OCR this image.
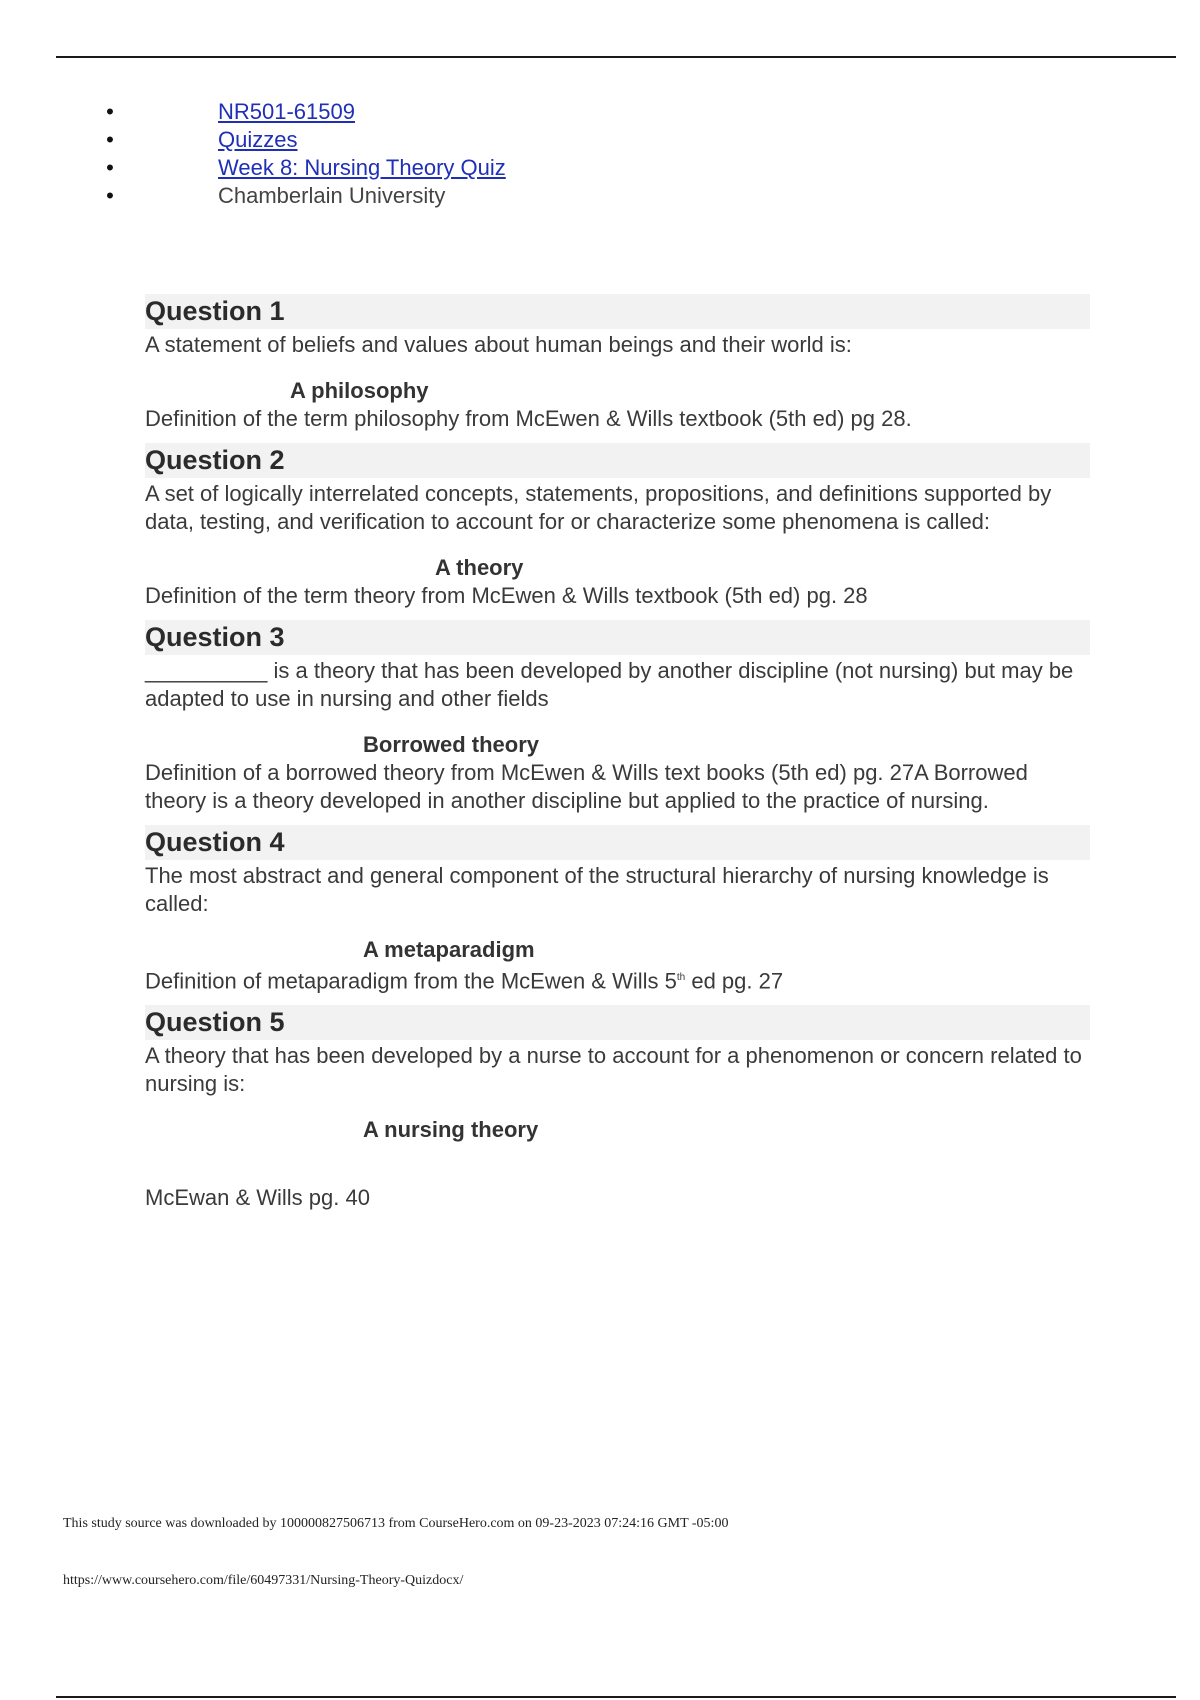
•	NR501-61509
•	Quizzes
•	Week 8: Nursing Theory Quiz
•	Chamberlain University
Question 1
A statement of beliefs and values about human beings and their world is:
A philosophy
Definition of the term philosophy from McEwen & Wills textbook (5th ed) pg 28.
Question 2
A set of logically interrelated concepts, statements, propositions, and definitions supported by data, testing, and verification to account for or characterize some phenomena is called:
A theory
Definition of the term theory from McEwen & Wills textbook (5th ed) pg. 28
Question 3
__________ is a theory that has been developed by another discipline (not nursing) but may be adapted to use in nursing and other fields
Borrowed theory
Definition of a borrowed theory from McEwen & Wills text books (5th ed) pg. 27A Borrowed theory is a theory developed in another discipline but applied to the practice of nursing.
Question 4
The most abstract and general component of the structural hierarchy of nursing knowledge is called:
A metaparadigm
Definition of metaparadigm from the McEwen & Wills 5th ed pg. 27
Question 5
A theory that has been developed by a nurse to account for a phenomenon or concern related to nursing is:
A nursing theory
McEwan & Wills pg. 40
This study source was downloaded by 100000827506713 from CourseHero.com on 09-23-2023 07:24:16 GMT -05:00
https://www.coursehero.com/file/60497331/Nursing-Theory-Quizdocx/
